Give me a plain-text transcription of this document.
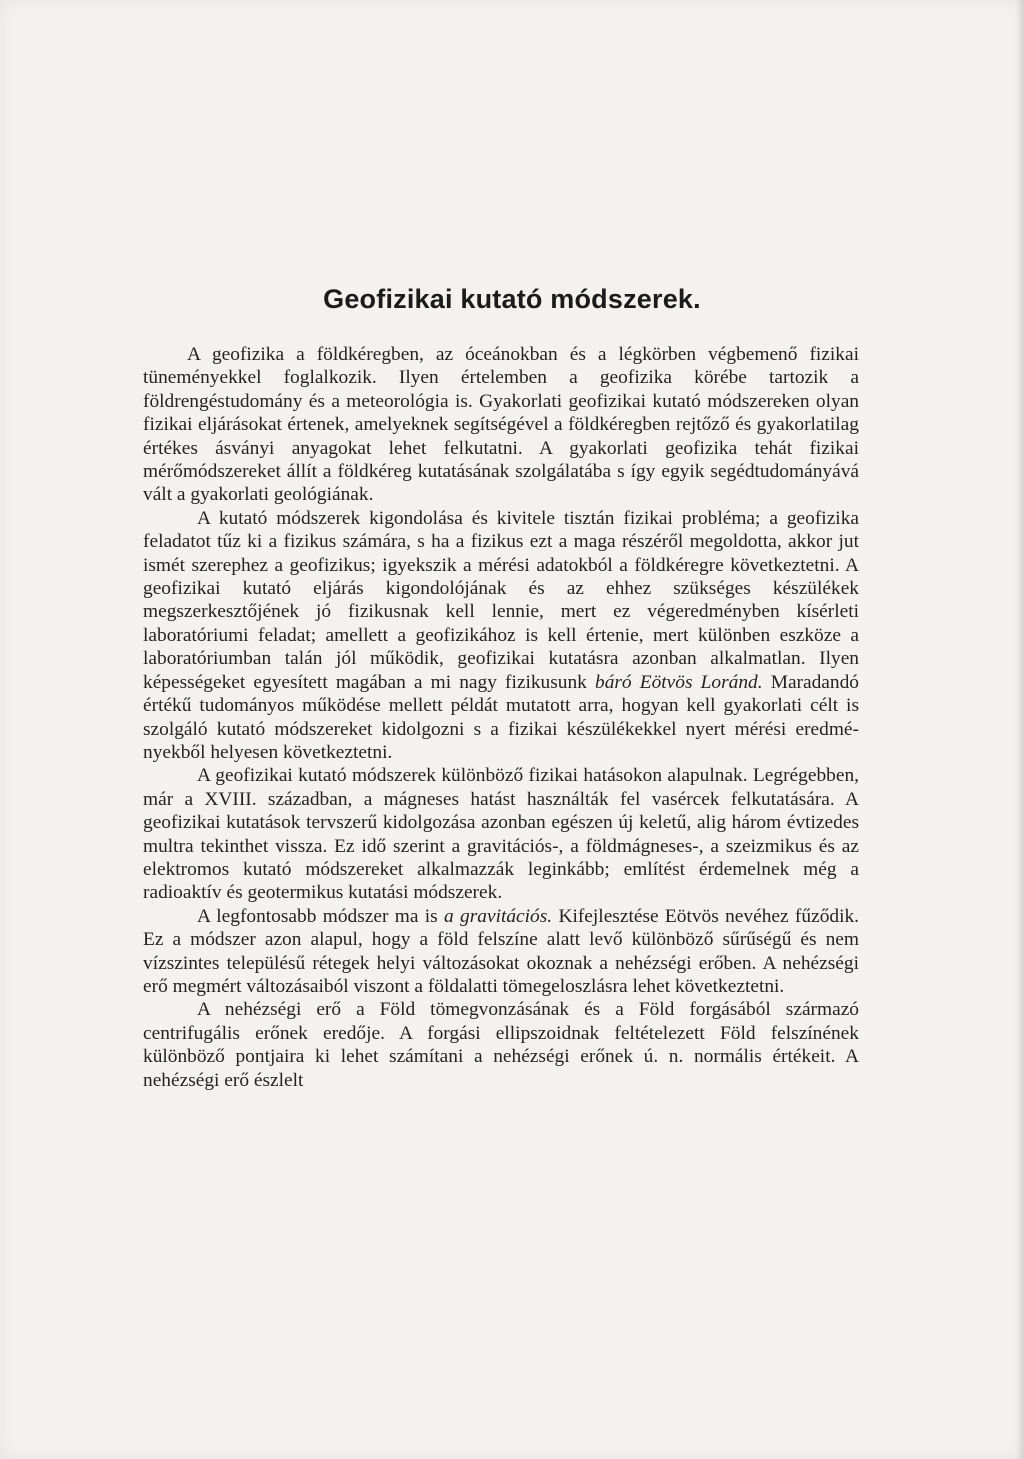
Geofizikai kutató módszerek.

A geofizika a földkéregben, az óceánokban és a légkörben végbemenő fizikai tüneményekkel foglalkozik. Ilyen értelemben a geofizika körébe tartozik a földrengéstudomány és a meteorológia is. Gyakorlati geofizikai kutató módszereken olyan fizikai eljárásokat értenek, amelyeknek segítségével a földkéregben rejtőző és gyakorlatilag értékes ásványi anyagokat lehet felkutatni. A gyakorlati geofizika tehát fizikai mérőmódszereket állít a földkéreg kutatásának szolgálatába s így egyik segédtudományává vált a gyakorlati geológiának.

A kutató módszerek kigondolása és kivitele tisztán fizikai probléma; a geofizika feladatot tűz ki a fizikus számára, s ha a fizikus ezt a maga részéről megoldotta, akkor jut ismét szerephez a geofizikus; igyekszik a mérési adatokból a földkéregre következtetni. A geofizikai kutató eljárás kigondolójának és az ehhez szükséges készülékek megszerkesztőjének jó fizikusnak kell lennie, mert ez végeredményben kísérleti laboratóriumi feladat; amellett a geofizikához is kell értenie, mert különben eszköze a laboratóriumban talán jól működik, geofizikai kutatásra azonban alkalmatlan. Ilyen képességeket egyesített magában a mi nagy fizikusunk báró Eötvös Loránd. Maradandó értékű tudományos működése mellett példát mutatott arra, hogyan kell gyakorlati célt is szolgáló kutató módszereket kidolgozni s a fizikai készülékekkel nyert mérési eredményekből helyesen következtetni.

A geofizikai kutató módszerek különböző fizikai hatásokon alapulnak. Legrégebben, már a XVIII. században, a mágneses hatást használták fel vasércek felkutatására. A geofizikai kutatások tervszerű kidolgozása azonban egészen új keletű, alig három évtizedes multra tekinthet vissza. Ez idő szerint a gravitációs-, a földmágneses-, a szeizmikus és az elektromos kutató módszereket alkalmazzák leginkább; említést érdemelnek még a radioaktív és geotermikus kutatási módszerek.

A legfontosabb módszer ma is a gravitációs. Kifejlesztése Eötvös nevéhez fűződik. Ez a módszer azon alapul, hogy a föld felszíne alatt levő különböző sűrűségű és nem vízszintes településű rétegek helyi változásokat okoznak a nehézségi erőben. A nehézségi erő megmért változásaiból viszont a földalatti tömegeloszlásra lehet következtetni.

A nehézségi erő a Föld tömegvonzásának és a Föld forgásából származó centrifugális erőnek eredője. A forgási ellipszoidnak feltételezett Föld felszínének különböző pontjaira ki lehet számítani a nehézségi erőnek ú. n. normális értékeit. A nehézségi erő észlelt
